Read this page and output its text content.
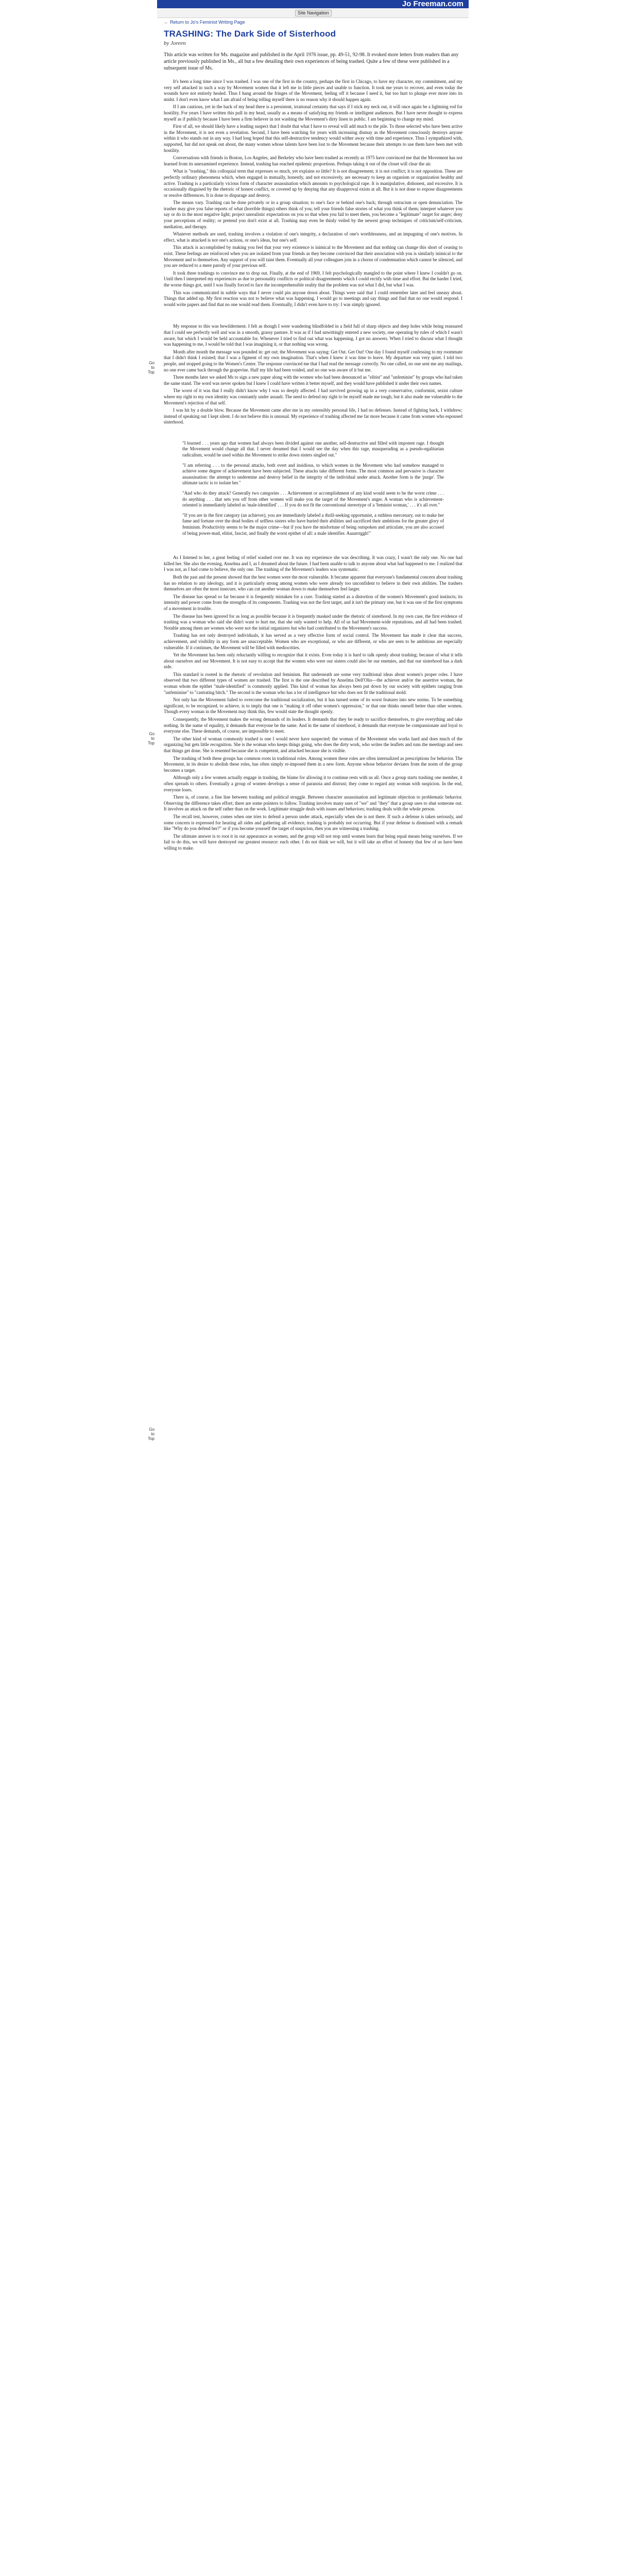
Jo Freeman.com
Site Navigation
← Return to Jo's Feminist Writing Page
Go
to
Top
Go
to
Top
Go
to
Top
TRASHING: The Dark Side of Sisterhood
by Joreen

This article was written for Ms. magazine and published in the April 1976 issue, pp. 49-51, 92-98. It evoked more letters from readers than any article previously published in Ms., all but a few detailing their own experiences of being trashed. Quite a few of these were published in a subsequent issue of Ms.

It's been a long time since I was trashed. I was one of the first in the country, perhaps the first in Chicago, to have my character, my commitment, and my very self attacked in such a way by Movement women that it left me in little pieces and unable to function. It took me years to recover, and even today the wounds have not entirely healed. Thus I hang around the fringes of the Movement, feeling off it because I need it, but too hurt to plunge ever more into its midst. I don't even know what I am afraid of being telling myself there is no reason why it should happen again.

If I am cautious, yet in the back of my head there is a persistent, irrational certainty that says if I stick my neck out, it will once again be a lightning rod for hostility. For years I have written this pull in my head, usually as a means of satisfying my friends or intelligent audiences. But I have never thought to express myself as if publicly because I have been a firm believer in not washing the Movement's dirty linen in public. I am beginning to change my mind.

First of all, we should likely have a leading suspect that I doubt that what I have to reveal will add much to the pile. To those selected who have been active in the Movement, it is not even a revelation. Second, I have been watching for years with increasing dismay as the Movement consciously destroys anyone within it who stands out in any way. I had long hoped that this self-destructive tendency would wither away with time and experience. Thus I sympathized with, supported, but did not speak out about, the many women whose talents have been lost to the Movement because their attempts to use them have been met with hostility.

Conversations with friends in Boston, Los Angeles, and Berkeley who have been trashed as recently as 1975 have convinced me that the Movement has not learned from its unexamined experience. Instead, trashing has reached epidemic proportions. Perhaps taking it out of the closet will clear the air.

What is "trashing," this colloquial term that expresses so much, yet explains so little? It is not disagreement; it is not conflict; it is not opposition. These are perfectly ordinary phenomena which, when engaged in mutually, honestly, and not excessively, are necessary to keep an organism or organization healthy and active. Trashing is a particularly vicious form of character assassination which amounts to psychological rape. It is manipulative, dishonest, and excessive. It is occasionally disguised by the rhetoric of honest conflict, or covered up by denying that any disapproval exists at all. But it is not done to expose disagreements or resolve differences. It is done to disparage and destroy.

The means vary. Trashing can be done privately or in a group situation; to one's face or behind one's back; through ostracism or open denunciation. The trasher may give you false reports of what (horrible things) others think of you; tell your friends false stories of what you think of them; interpret whatever you say or do in the most negative light; project unrealistic expectations on you so that when you fail to meet them, you become a "legitimate" target for anger; deny your perceptions of reality; or pretend you don't exist at all. Trashing may even be thinly veiled by the newest group techniques of criticism/self-criticism, mediation, and therapy.

Whatever methods are used, trashing involves a violation of one's integrity, a declaration of one's worthlessness, and an impugning of one's motives. In effect, what is attacked is not one's actions, or one's ideas, but one's self.

This attack is accomplished by making you feel that your very existence is inimical to the Movement and that nothing can change this short of ceasing to exist. These feelings are reinforced when you are isolated from your friends as they become convinced that their association with you is similarly inimical to the Movement and to themselves. Any support of you will taint them. Eventually all your colleagues join in a chorus of condemnation which cannot be silenced, and you are reduced to a mere parody of your previous self.

It took three trashings to convince me to drop out. Finally, at the end of 1969, I felt psychologically mangled to the point where I knew I couldn't go on. Until then I interpreted my experiences as due to personality conflicts or political disagreements which I could rectify with time and effort. But the harder I tried, the worse things got, until I was finally forced to face the incomprehensible reality that the problem was not what I did, but what I was.

This was communicated in subtle ways that I never could pin anyone down about. Things were said that I could remember later and feel uneasy about. Things that added up. My first reaction was not to believe what was happening. I would go to meetings and say things and find that no one would respond. I would write papers and find that no one would read them. Eventually, I didn't even have to try: I was simply ignored.

My response to this was bewilderment. I felt as though I were wandering blindfolded in a field full of sharp objects and deep holes while being reassured that I could see perfectly well and was in a smooth, grassy pasture. It was as if I had unwittingly entered a new society, one operating by rules of which I wasn't aware, but which I would be held accountable for. Whenever I tried to find out what was happening, I got no answers. When I tried to discuss what I thought was happening to me, I would be told that I was imagining it, or that nothing was wrong.

Month after month the message was pounded in: get out; the Movement was saying: Get Out. Get Out! One day I found myself confessing to my roommate that I didn't think I existed; that I was a figment of my own imagination. That's when I knew it was time to leave. My departure was very quiet. I told two people, and stopped going to the Women's Center. The response convinced me that I had read the message correctly. No one called, no one sent me any mailings, no one ever came back through the grapevine. Half my life had been voided, and no one was aware of it but me.

Three months later we asked Ms to sign a new paper along with the women who had been denounced as "elitist" and "unfeminist" by groups who had taken the same stand. The word was never spoken but I knew I could have written it better myself, and they would have published it under their own names.

The worst of it was that I really didn't know why I was so deeply affected. I had survived growing up in a very conservative, conformist, sexist culture where my right to my own identity was constantly under assault. The need to defend my right to be myself made me tough, but it also made me vulnerable to the Movement's rejection of that self.

I was hit by a double blow. Because the Movement came after me in my ostensibly personal life, I had no defenses. Instead of fighting back, I withdrew; instead of speaking out I kept silent. I do not believe this is unusual. My experience of trashing affected me far more because it came from women who espoused sisterhood.

"I learned . . . years ago that women had always been divided against one another, self-destructive and filled with impotent rage. I thought the Movement would change all that. I never dreamed that I would see the day when this rage, masquerading as a pseudo-egalitarian radicalism, would be used within the Movement to strike down sisters singled out."

"I am referring . . . to the personal attacks, both overt and insidious, to which women in the Movement who had somehow managed to achieve some degree of achievement have been subjected. These attacks take different forms. The most common and pervasive is character assassination: the attempt to undermine and destroy belief in the integrity of the individual under attack. Another form is the 'purge'. The ultimate tactic is to isolate her."

"And who do they attack? Generally two categories . . . Achievement or accomplishment of any kind would seem to be the worst crime . . . do anything . . . that sets you off from other women will make you the target of the Movement's anger. A woman who is achievement-oriented is immediately labeled as 'male-identified' . . . If you do not fit the conventional stereotype of a 'feminist woman,' . . . it's all over."

"If you are in the first category (an achiever), you are immediately labeled a thrill-seeking opportunist, a ruthless mercenary, out to make her fame and fortune over the dead bodies of selfless sisters who have buried their abilities and sacrificed their ambitions for the greater glory of feminism. Productivity seems to be the major crime—but if you have the misfortune of being outspoken and articulate, you are also accused of being power-mad, elitist, fascist, and finally the worst epithet of all: a male identifier. Aaaarrrggh!"

As I listened to her, a great feeling of relief washed over me. It was my experience she was describing. It was crazy, I wasn't the only one. No one had killed her. She also the evening, Anselma and I, as I dreamed about the future. I had been unable to talk to anyone about what had happened to me. I realized that I was not, as I had come to believe, the only one. The trashing of the Movement's leaders was systematic.

Both the past and the present showed that the best women were the most vulnerable. It became apparent that everyone's fundamental concern about trashing has no relation to any ideology, and it is particularly strong among women who were already too unconfident to believe in their own abilities. The trashers themselves are often the most insecure, who can cut another woman down to make themselves feel larger.

The disease has spread so far because it is frequently mistaken for a cure. Trashing started as a distortion of the women's Movement's good instincts; its intensity and power come from the strengths of its components. Trashing was not the first target, and it isn't the primary one, but it was one of the first symptoms of a movement in trouble.

The disease has been ignored for as long as possible because it is frequently masked under the rhetoric of sisterhood. In my own case, the first evidence of trashing was a woman who said she didn't want to hurt me, that she only wanted to help. All of us had Movement-wide reputations, and all had been trashed. Notable among them are women who were not the initial organizers but who had contributed to the Movement's success.

Trashing has not only destroyed individuals, it has served as a very effective form of social control. The Movement has made it clear that success, achievement, and visibility in any form are unacceptable. Women who are exceptional, or who are different, or who are seen to be ambitious are especially vulnerable. If it continues, the Movement will be filled with mediocrities.

Yet the Movement has been only reluctantly willing to recognize that it exists. Even today it is hard to talk openly about trashing; because of what it tells about ourselves and our Movement. It is not easy to accept that the women who were our sisters could also be our enemies, and that our sisterhood has a dark side.

This standard is rooted in the rhetoric of revolution and feminism. But underneath are some very traditional ideas about women's proper roles. I have observed that two different types of women are trashed. The first is the one described by Anselma Dell'Olio—the achiever and/or the assertive woman, the woman whom the epithet "male-identified" is commonly applied. This kind of woman has always been put down by our society with epithets ranging from "unfeminine" to "castrating bitch." The second is the woman who has a lot of intelligence but who does not fit the traditional mold.

Not only has the Movement failed to overcome the traditional socialization, but it has turned some of its worst features into new norms. To be something significant, to be recognized, to achieve, is to imply that one is "making it off other women's oppression," or that one thinks oneself better than other women. Though every woman in the Movement may think this, few would state the thought openly.

Consequently, the Movement makes the wrong demands of its leaders. It demands that they be ready to sacrifice themselves, to give everything and take nothing. In the name of equality, it demands that everyone be the same. And in the name of sisterhood, it demands that everyone be compassionate and loyal to everyone else. These demands, of course, are impossible to meet.

The other kind of woman commonly trashed is one I would never have suspected: the woman of the Movement who works hard and does much of the organizing but gets little recognition. She is the woman who keeps things going, who does the dirty work, who writes the leaflets and runs the meetings and sees that things get done. She is resented because she is competent, and attacked because she is visible.

The trashing of both these groups has common roots in traditional roles. Among women these roles are often internalized as prescriptions for behavior. The Movement, in its desire to abolish these roles, has often simply re-imposed them in a new form. Anyone whose behavior deviates from the norm of the group becomes a target.

Although only a few women actually engage in trashing, the blame for allowing it to continue rests with us all. Once a group starts trashing one member, it often spreads to others. Eventually a group of women develops a sense of paranoia and distrust; they come to regard any woman with suspicion. In the end, everyone loses.

There is, of course, a fine line between trashing and political struggle. Between character assassination and legitimate objection to problematic behavior. Observing the difference takes effort; there are some pointers to follow. Trashing involves many uses of "we" and "they" that a group uses to shut someone out. It involves an attack on the self rather than on the work. Legitimate struggle deals with issues and behaviors; trashing deals with the whole person.

The recall test, however, comes when one tries to defend a person under attack, especially when she is not there. If such a defense is taken seriously, and some concern is expressed for hearing all sides and gathering all evidence, trashing is probably not occurring. But if your defense is dismissed with a remark like "Why do you defend her?" or if you become yourself the target of suspicion, then you are witnessing a trashing.

The ultimate answer is to root it in our appearance as women, and the group will not stop until women learn that being equal means being ourselves. If we fail to do this, we will have destroyed our greatest resource: each other. I do not think we will, but it will take an effort of honesty that few of us have been willing to make.
